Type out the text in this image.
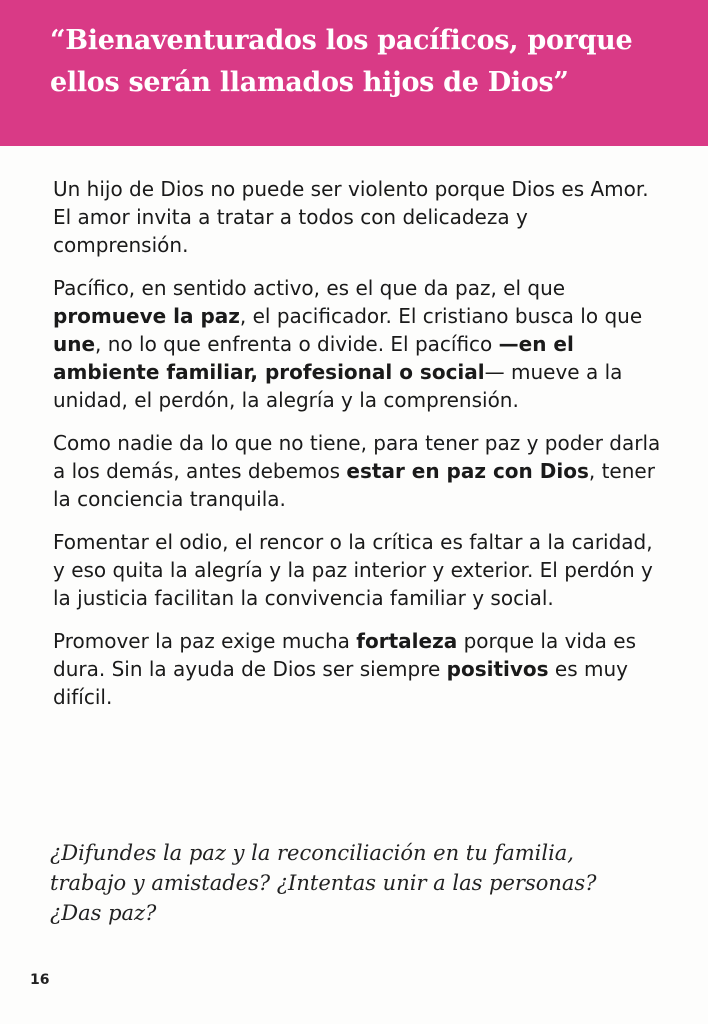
“Bienaventurados los pacíficos, porque ellos serán llamados hijos de Dios”

Un hijo de Dios no puede ser violento porque Dios es Amor. El amor invita a tratar a todos con delicadeza y comprensión.

Pacífico, en sentido activo, es el que da paz, el que promueve la paz, el pacificador. El cristiano busca lo que une, no lo que enfrenta o divide. El pacífico —en el ambiente familiar, profesional o social— mueve a la unidad, el perdón, la alegría y la comprensión.

Como nadie da lo que no tiene, para tener paz y poder darla a los demás, antes debemos estar en paz con Dios, tener la conciencia tranquila.

Fomentar el odio, el rencor o la crítica es faltar a la caridad, y eso quita la alegría y la paz interior y exterior. El perdón y la justicia facilitan la convivencia familiar y social.

Promover la paz exige mucha fortaleza porque la vida es dura. Sin la ayuda de Dios ser siempre positivos es muy difícil.

¿Difundes la paz y la reconciliación en tu familia, trabajo y amistades? ¿Intentas unir a las personas? ¿Das paz?

16
